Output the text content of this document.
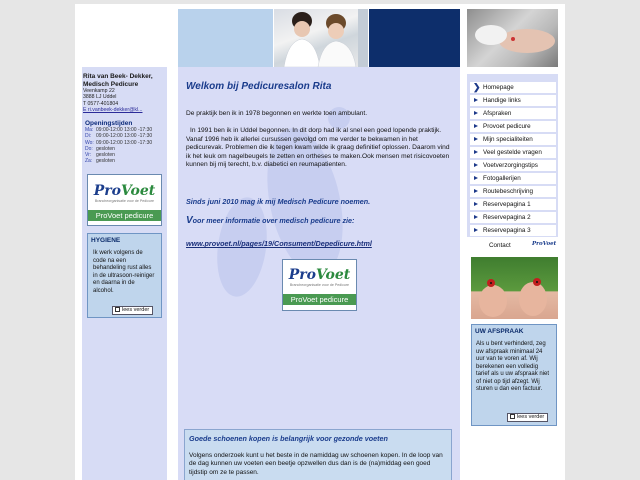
Rita van Beek- Dekker,
Medisch Pedicure
Veenkamp 22
3888 LJ Uddel
T 0577-401804
E ri.vanbeek-dekker@kl...
Openingstijden
Ma: 09:00-12:00 13:00 -17:30
Di: 09:00-12:00 13:00 -17:30
Wo: 09:00-12:00 13:00 -17:30
Do: gesloten
Vr: gesloten
Za: gesloten
ProVoet
Brancheorganisatie voor de Pedicure
ProVoet pedicure
HYGIENE
Ik werk volgens de code na een behandeling rust alles in de ultrasoon-reiniger en daarna in de alcohol.
lees verder
Welkom bij Pedicuresalon Rita
De praktijk ben ik in 1978 begonnen en werkte toen ambulant.
In 1991 ben ik in Uddel begonnen. In dit dorp had ik al snel een goed lopende praktijk. Vanaf 1996 heb ik allerlei cursussen gevolgd om me verder te bekwamen in het pedicurevak. Problemen die ik tegen kwam wilde ik graag definitief oplossen. Daarom vind ik het leuk om nagelbeugels te zetten en ortheses te maken.Ook mensen met risicovoeten kunnen bij mij terecht, b.v. diabetici en reumapatienten.
Sinds juni 2010 mag ik mij Medisch Pedicure noemen.
Voor meer informatie over medisch pedicure zie:
www.provoet.nl/pages/19/Consument/Depedicure.html
ProVoet
Brancheorganisatie voor de Pedicure
ProVoet pedicure
Goede schoenen kopen is belangrijk voor gezonde voeten
Volgens onderzoek kunt u het beste in de namiddag uw schoenen kopen. In de loop van de dag kunnen uw voeten een beetje opzwellen dus dan is de (na)middag een goed tijdstip om ze te passen.
❯ Homepage
Handige links
Afspraken
Provoet pedicure
Mijn specialiteiten
Veel gestelde vragen
Voetverzorgingstips
Fotogallerijen
Routebeschrijving
Reservepagina 1
Reservepagina 2
Reservepagina 3
Contact	ProVoet
UW AFSPRAAK
Als u bent verhinderd, zeg uw afspraak minimaal 24 uur van te voren af. Wij berekenen een volledig tarief als u uw afspraak niet of niet op tijd afzegt. Wij sturen u dan een factuur.
lees verder
